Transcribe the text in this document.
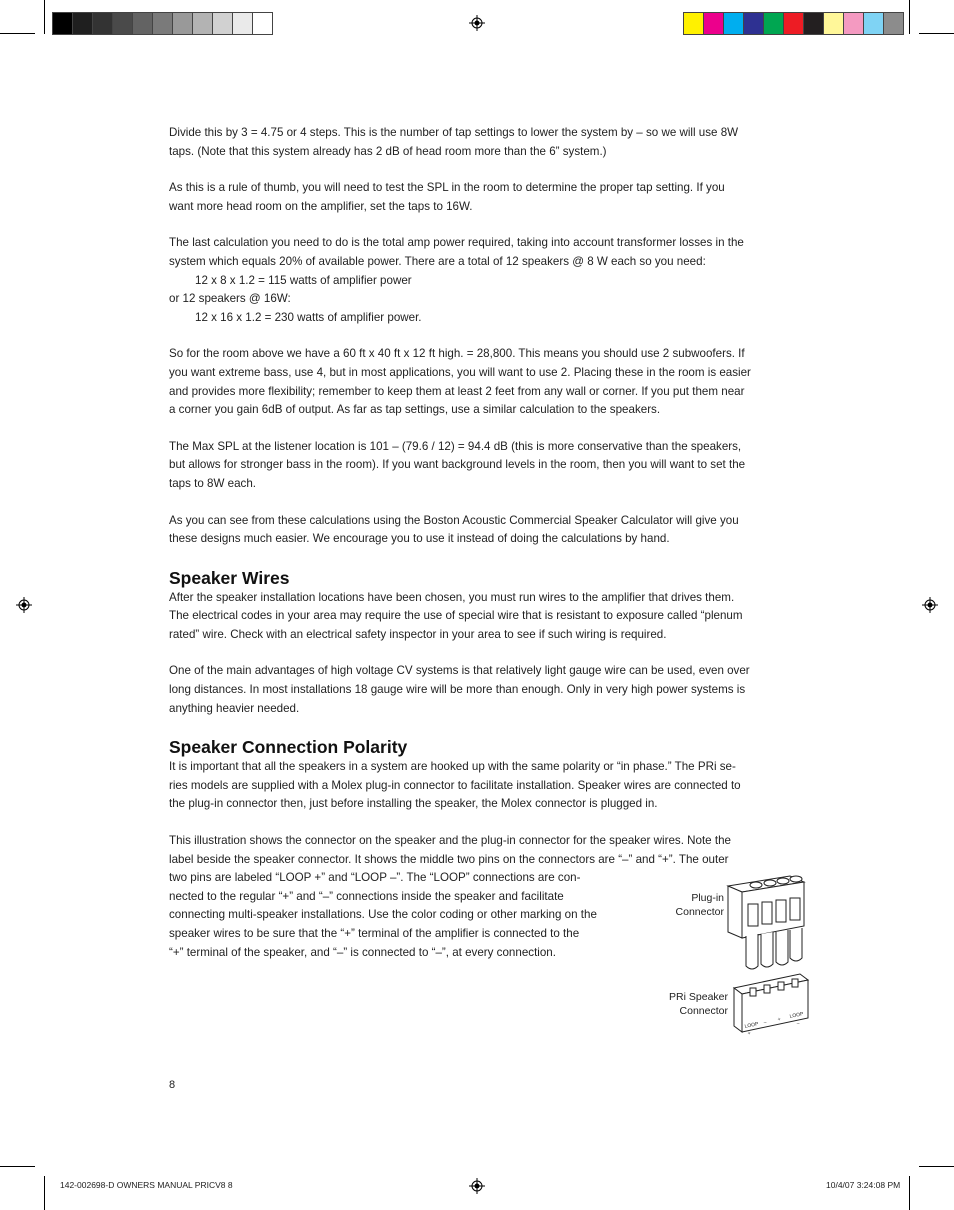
Divide this by 3 = 4.75 or 4 steps. This is the number of tap settings to lower the system by – so we will use 8W
taps. (Note that this system already has 2 dB of head room more than the 6” system.)
As this is a rule of thumb, you will need to test the SPL in the room to determine the proper tap setting. If you
want more head room on the amplifier, set the taps to 16W.
The last calculation you need to do is the total amp power required, taking into account transformer losses in the
system which equals 20% of available power. There are a total of 12 speakers @ 8 W each so you need:
12 x 8 x 1.2 = 115 watts of amplifier power
or 12 speakers @ 16W:
12 x 16 x 1.2 = 230 watts of amplifier power.
So for the room above we have a 60 ft x 40 ft x 12 ft high. = 28,800. This means you should use 2 subwoofers. If
you want extreme bass, use 4, but in most applications, you will want to use 2. Placing these in the room is easier
and provides more flexibility; remember to keep them at least 2 feet from any wall or corner. If you put them near
a corner you gain 6dB of output. As far as tap settings, use a similar calculation to the speakers.
The Max SPL at the listener location is 101 – (79.6 / 12) = 94.4 dB (this is more conservative than the speakers,
but allows for stronger bass in the room). If you want background levels in the room, then you will want to set the
taps to 8W each.
As you can see from these calculations using the Boston Acoustic Commercial Speaker Calculator will give you
these designs much easier. We encourage you to use it instead of doing the calculations by hand.
Speaker Wires
After the speaker installation locations have been chosen, you must run wires to the amplifier that drives them.
The electrical codes in your area may require the use of special wire that is resistant to exposure called “plenum
rated” wire. Check with an electrical safety inspector in your area to see if such wiring is required.
One of the main advantages of high voltage CV systems is that relatively light gauge wire can be used, even over
long distances. In most installations 18 gauge wire will be more than enough. Only in very high power systems is
anything heavier needed.
Speaker Connection Polarity
It is important that all the speakers in a system are hooked up with the same polarity or “in phase.” The PRi se-
ries models are supplied with a Molex plug-in connector to facilitate installation. Speaker wires are connected to
the plug-in connector then, just before installing the speaker, the Molex connector is plugged in.
This illustration shows the connector on the speaker and the plug-in connector for the speaker wires. Note the
label beside the speaker connector. It shows the middle two pins on the connectors are “–” and “+”. The outer
two pins are labeled “LOOP +” and “LOOP –”. The “LOOP” connections are con-
nected to the regular “+” and “–” connections inside the speaker and facilitate
connecting multi-speaker installations. Use the color coding or other marking on the
speaker wires to be sure that the “+” terminal of the amplifier is connected to the
“+” terminal of the speaker, and “–” is connected to “–”, at every connection.
Plug-in
Connector
PRi Speaker
Connector
LOOP – + LOOP
+
–
8
142-002698-D OWNERS MANUAL PRICV8 8	10/4/07 3:24:08 PM
